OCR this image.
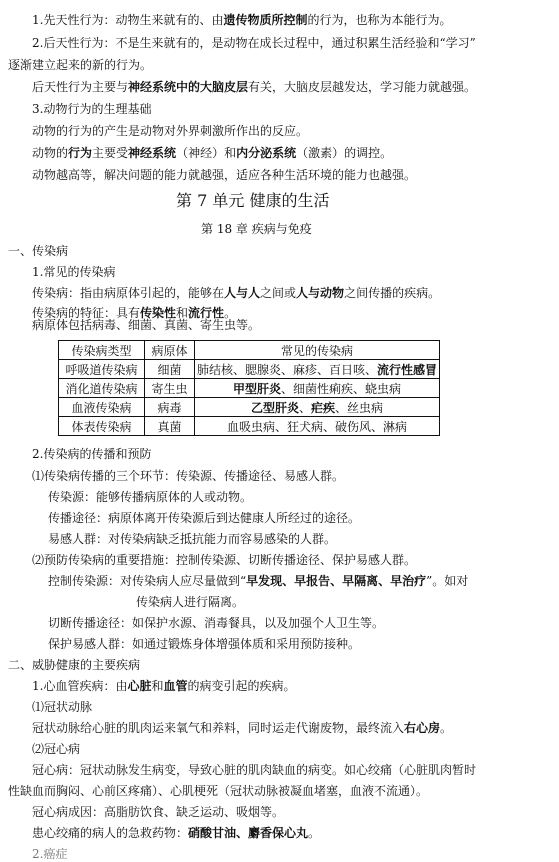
1.先天性行为：动物生来就有的、由遗传物质所控制的行为，也称为本能行为。
2.后天性行为：不是生来就有的，是动物在成长过程中，通过积累生活经验和“学习”
逐渐建立起来的新的行为。
后天性行为主要与神经系统中的大脑皮层有关，大脑皮层越发达，学习能力就越强。
3.动物行为的生理基础
动物的行为的产生是动物对外界刺激所作出的反应。
动物的行为主要受神经系统（神经）和内分泌系统（激素）的调控。
动物越高等，解决问题的能力就越强，适应各种生活环境的能力也越强。
第 7 单元 健康的生活
第 18 章 疾病与免疫
一、传染病
1.常见的传染病
传染病：指由病原体引起的，能够在人与人之间或人与动物之间传播的疾病。
传染病的特征：具有传染性和流行性。
病原体包括病毒、细菌、真菌、寄生虫等。
传染病类型	病原体	常见的传染病
呼吸道传染病	细菌	肺结核、腮腺炎、麻疹、百日咳、流行性感冒
消化道传染病	寄生虫	甲型肝炎、细菌性痢疾、蛲虫病
血液传染病	病毒	乙型肝炎、疟疾、丝虫病
体表传染病	真菌	血吸虫病、狂犬病、破伤风、淋病
2.传染病的传播和预防
⑴传染病传播的三个环节：传染源、传播途径、易感人群。
传染源：能够传播病原体的人或动物。
传播途径：病原体离开传染源后到达健康人所经过的途径。
易感人群：对传染病缺乏抵抗能力而容易感染的人群。
⑵预防传染病的重要措施：控制传染源、切断传播途径、保护易感人群。
控制传染源：对传染病人应尽量做到“早发现、早报告、早隔离、早治疗”。如对
传染病人进行隔离。
切断传播途径：如保护水源、消毒餐具，以及加强个人卫生等。
保护易感人群：如通过锻炼身体增强体质和采用预防接种。
二、威胁健康的主要疾病
1.心血管疾病：由心脏和血管的病变引起的疾病。
⑴冠状动脉
冠状动脉给心脏的肌肉运来氧气和养料，同时运走代谢废物，最终流入右心房。
⑵冠心病
冠心病：冠状动脉发生病变，导致心脏的肌肉缺血的病变。如心绞痛（心脏肌肉暂时
性缺血而胸闷、心前区疼痛）、心肌梗死（冠状动脉被凝血堵塞，血液不流通）。
冠心病成因：高脂肪饮食、缺乏运动、吸烟等。
患心绞痛的病人的急救药物：硝酸甘油、麝香保心丸。
2.癌症
